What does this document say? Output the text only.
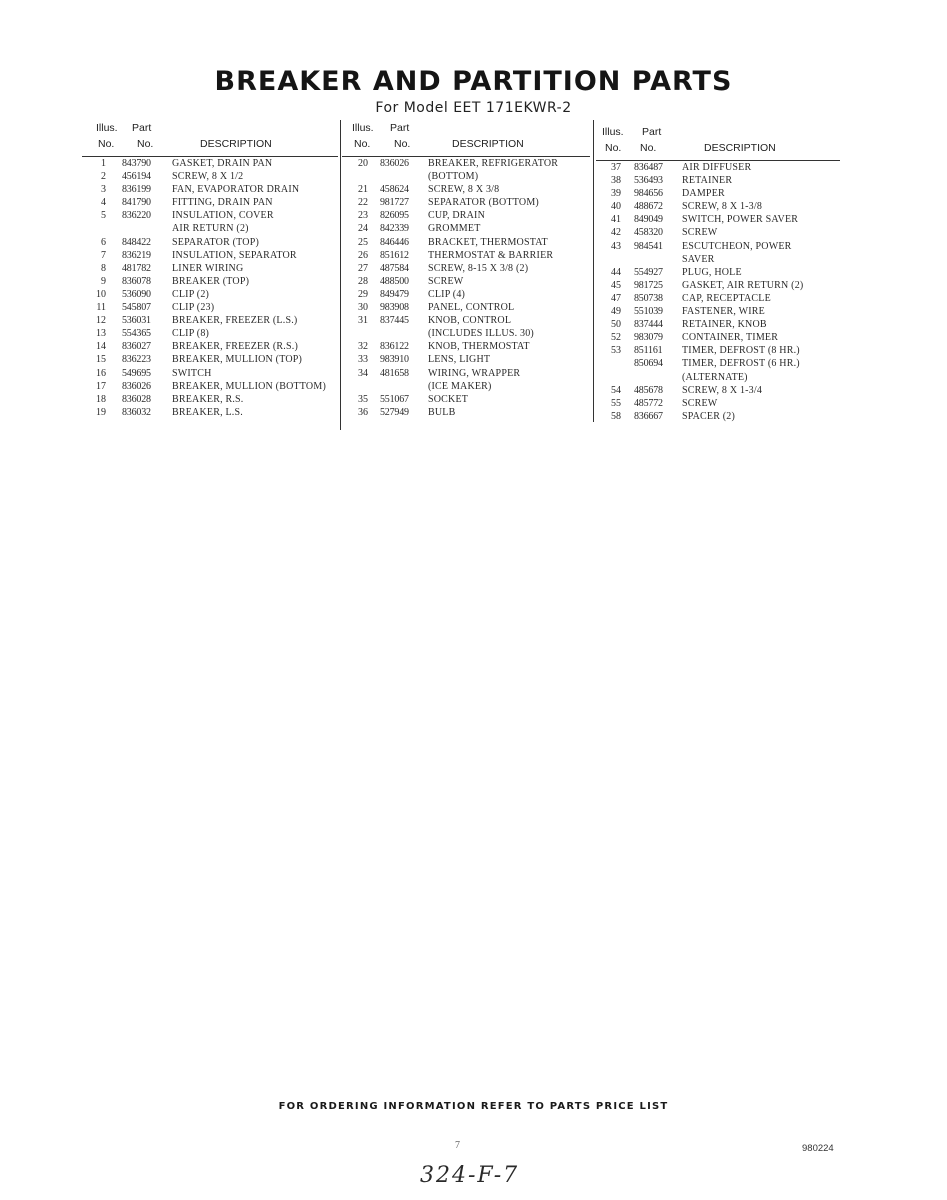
BREAKER AND PARTITION PARTS
For Model EET 171EKWR-2
Illus. Part
No. No.	DESCRIPTION
1 843790 GASKET, DRAIN PAN
2 456194 SCREW, 8 X 1/2
3 836199 FAN, EVAPORATOR DRAIN
4 841790 FITTING, DRAIN PAN
5 836220 INSULATION, COVER
AIR RETURN (2)
6 848422 SEPARATOR (TOP)
7 836219 INSULATION, SEPARATOR
8 481782 LINER WIRING
9 836078 BREAKER (TOP)
10 536090 CLIP (2)
11 545807 CLIP (23)
12 536031 BREAKER, FREEZER (L.S.)
13 554365 CLIP (8)
14 836027 BREAKER, FREEZER (R.S.)
15 836223 BREAKER, MULLION (TOP)
16 549695 SWITCH
17 836026 BREAKER, MULLION (BOTTOM)
18 836028 BREAKER, R.S.
19 836032 BREAKER, L.S.
Illus. Part
No. No.	DESCRIPTION
20 836026 BREAKER, REFRIGERATOR
(BOTTOM)
21 458624 SCREW, 8 X 3/8
22 981727 SEPARATOR (BOTTOM)
23 826095 CUP, DRAIN
24 842339 GROMMET
25 846446 BRACKET, THERMOSTAT
26 851612 THERMOSTAT & BARRIER
27 487584 SCREW, 8-15 X 3/8 (2)
28 488500 SCREW
29 849479 CLIP (4)
30 983908 PANEL, CONTROL
31 837445 KNOB, CONTROL
(INCLUDES ILLUS. 30)
32 836122 KNOB, THERMOSTAT
33 983910 LENS, LIGHT
34 481658 WIRING, WRAPPER
(ICE MAKER)
35 551067 SOCKET
36 527949 BULB
Illus. Part
No. No.	DESCRIPTION
37 836487 AIR DIFFUSER
38 536493 RETAINER
39 984656 DAMPER
40 488672 SCREW, 8 X 1-3/8
41 849049 SWITCH, POWER SAVER
42 458320 SCREW
43 984541 ESCUTCHEON, POWER
SAVER
44 554927 PLUG, HOLE
45 981725 GASKET, AIR RETURN (2)
47 850738 CAP, RECEPTACLE
49 551039 FASTENER, WIRE
50 837444 RETAINER, KNOB
52 983079 CONTAINER, TIMER
53 851161 TIMER, DEFROST (8 HR.)
850694 TIMER, DEFROST (6 HR.)
(ALTERNATE)
54 485678 SCREW, 8 X 1-3/4
55 485772 SCREW
58 836667 SPACER (2)
FOR ORDERING INFORMATION REFER TO PARTS PRICE LIST
7	980224
324-F-7
